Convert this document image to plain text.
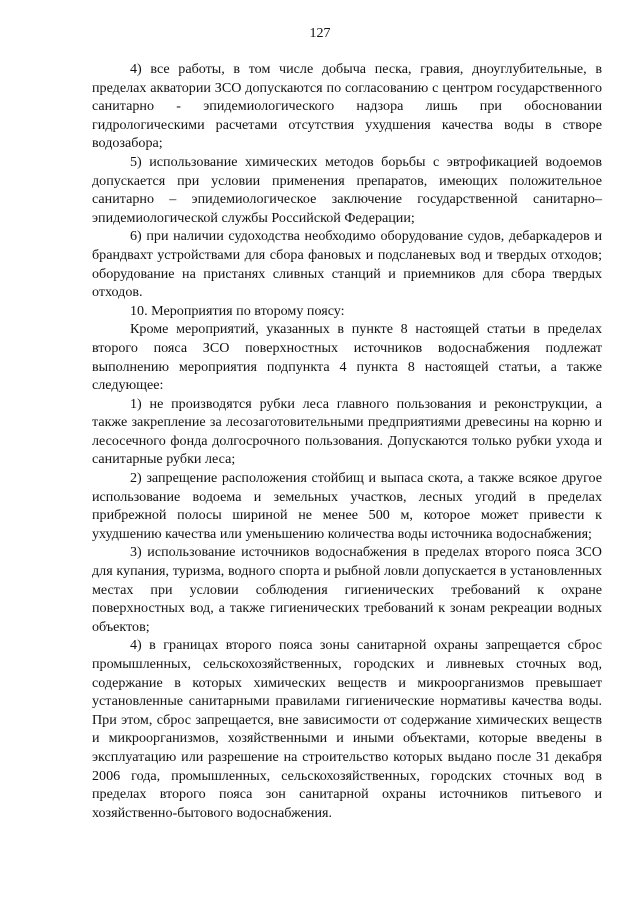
127

4) все работы, в том числе добыча песка, гравия, дноуглубительные, в пределах акватории ЗСО допускаются по согласованию с центром государственного санитарно - эпидемиологического надзора лишь при обосновании гидрологическими расчетами отсутствия ухудшения качества воды в створе водозабора;

5) использование химических методов борьбы с эвтрофикацией водоемов допускается при условии применения препаратов, имеющих положительное санитарно – эпидемиологическое заключение государственной санитарно– эпидемиологической службы Российской Федерации;

6) при наличии судоходства необходимо оборудование судов, дебаркадеров и брандвахт устройствами для сбора фановых и подсланевых вод и твердых отходов; оборудование на пристанях сливных станций и приемников для сбора твердых отходов.

10. Мероприятия по второму поясу:

Кроме мероприятий, указанных в пункте 8 настоящей статьи в пределах второго пояса ЗСО поверхностных источников водоснабжения подлежат выполнению мероприятия подпункта 4 пункта 8 настоящей статьи, а также следующее:

1) не производятся рубки леса главного пользования и реконструкции, а также закрепление за лесозаготовительными предприятиями древесины на корню и лесосечного фонда долгосрочного пользования. Допускаются только рубки ухода и санитарные рубки леса;

2) запрещение расположения стойбищ и выпаса скота, а также всякое другое использование водоема и земельных участков, лесных угодий в пределах прибрежной полосы шириной не менее 500 м, которое может привести к ухудшению качества или уменьшению количества воды источника водоснабжения;

3) использование источников водоснабжения в пределах второго пояса ЗСО для купания, туризма, водного спорта и рыбной ловли допускается в установленных местах при условии соблюдения гигиенических требований к охране поверхностных вод, а также гигиенических требований к зонам рекреации водных объектов;

4) в границах второго пояса зоны санитарной охраны запрещается сброс промышленных, сельскохозяйственных, городских и ливневых сточных вод, содержание в которых химических веществ и микроорганизмов превышает установленные санитарными правилами гигиенические нормативы качества воды. При этом, сброс запрещается, вне зависимости от содержание химических веществ и микроорганизмов, хозяйственными и иными объектами, которые введены в эксплуатацию или разрешение на строительство которых выдано после 31 декабря 2006 года, промышленных, сельскохозяйственных, городских сточных вод в пределах второго пояса зон санитарной охраны источников питьевого и хозяйственно-бытового водоснабжения.
